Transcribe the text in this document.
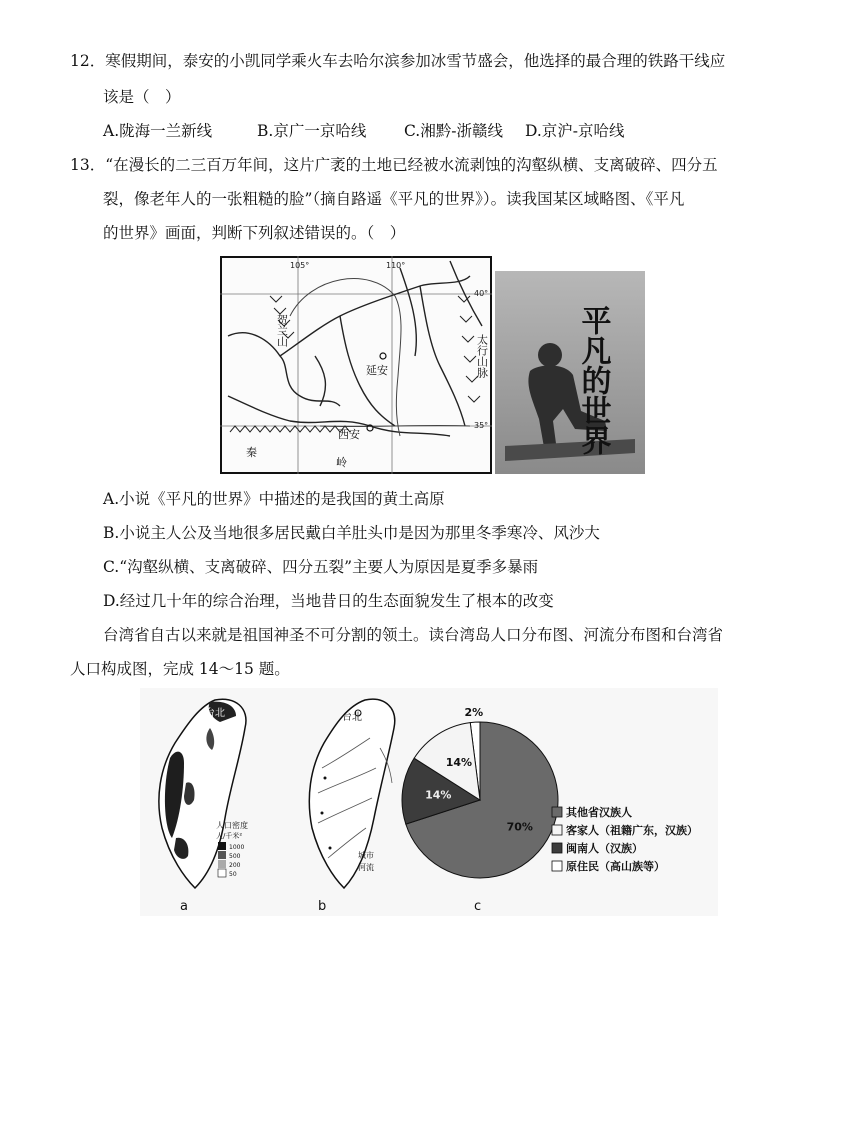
12．寒假期间，泰安的小凯同学乘火车去哈尔滨参加冰雪节盛会，他选择的最合理的铁路干线应
该是（　）
A.陇海一兰新线	B.京广一京哈线 C.湘黔-浙赣线 D.京沪-京哈线
13．“在漫长的二三百万年间，这片广袤的土地已经被水流剥蚀的沟壑纵横、支离破碎、四分五
裂，像老年人的一张粗糙的脸”（摘自路遥《平凡的世界》）。读我国某区域略图、《平凡
的世界》画面，判断下列叙述错误的。（　）
105°	110°
40°
35°
贺兰山
太行山脉
延安
西安
秦
岭
平凡的世界
A.小说《平凡的世界》中描述的是我国的黄土高原
B.小说主人公及当地很多居民戴白羊肚头巾是因为那里冬季寒冷、风沙大
C.“沟壑纵横、支离破碎、四分五裂”主要人为原因是夏季多暴雨
D.经过几十年的综合治理，当地昔日的生态面貌发生了根本的改变
台湾省自古以来就是祖国神圣不可分割的领土。读台湾岛人口分布图、河流分布图和台湾省
人口构成图，完成 14～15 题。
台北
人口密度
人/千米²
1000
500
200
50
a
台北
城市
河流
b
2%
70%
14%
14%
其他省汉族人
客家人（祖籍广东，汉族）
闽南人（汉族）
原住民（高山族等）
c
